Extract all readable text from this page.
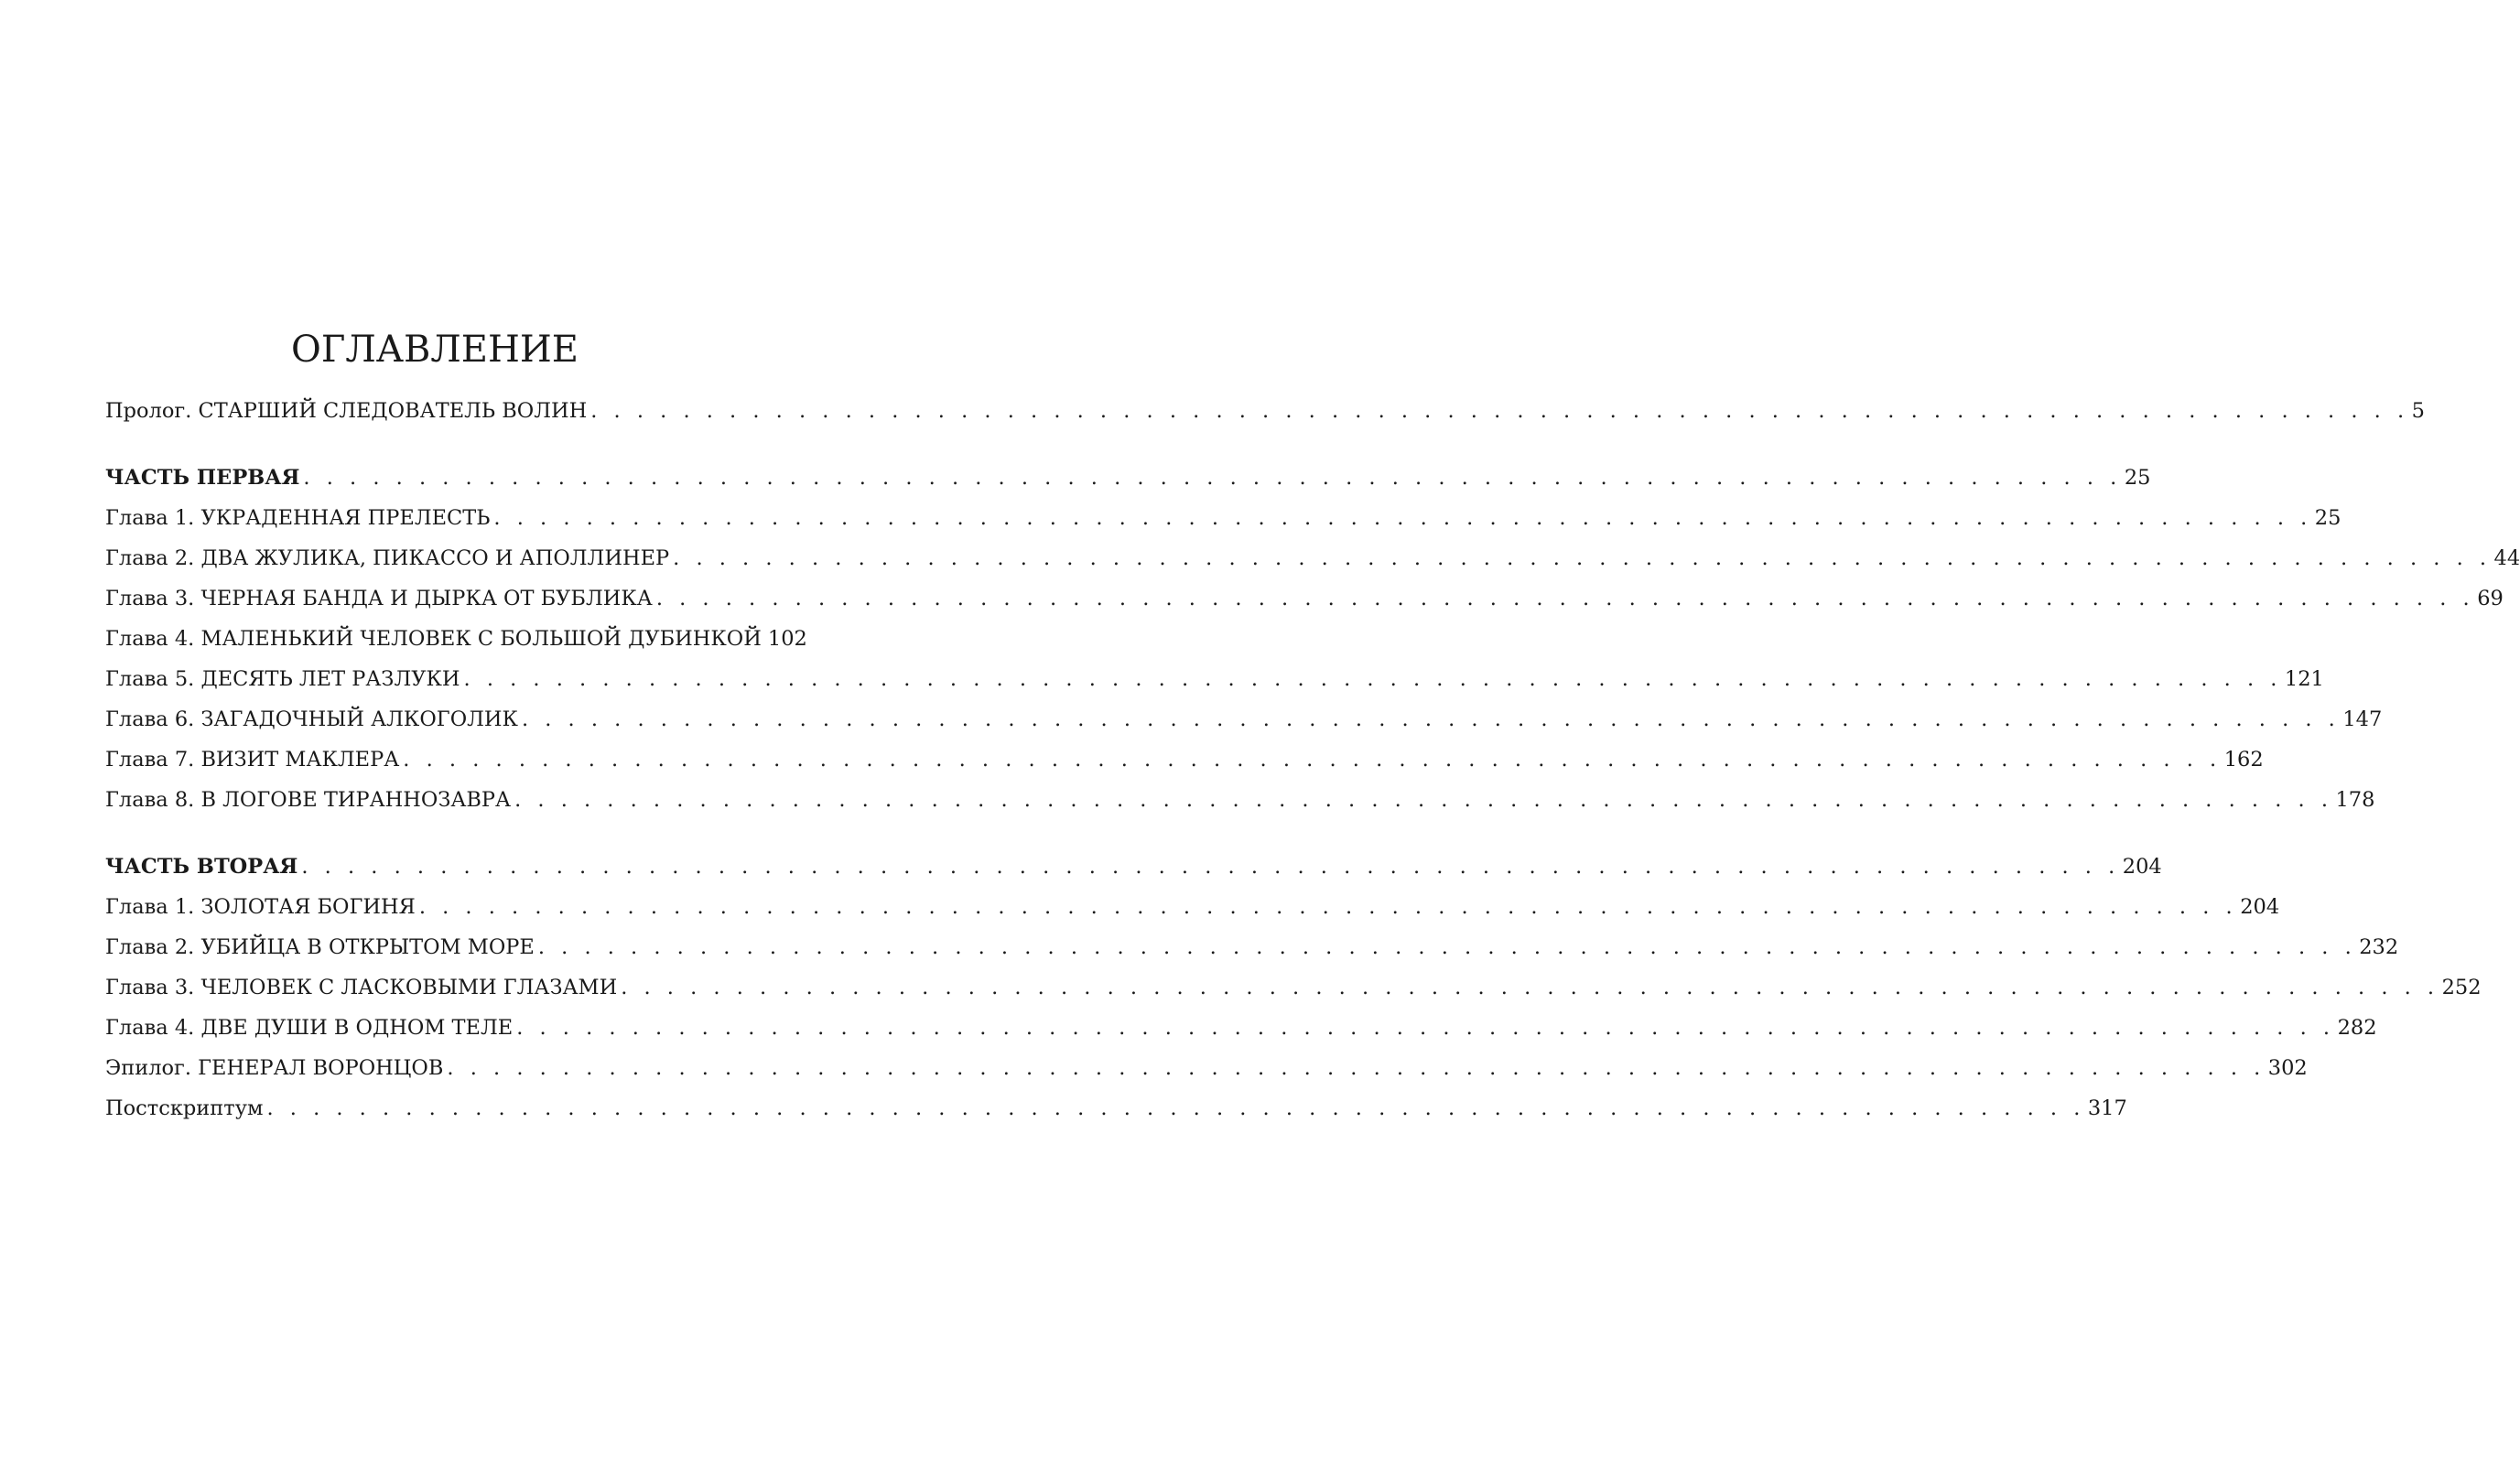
ОГЛАВЛЕНИЕ
Пролог. СТАРШИЙ СЛЕДОВАТЕЛЬ ВОЛИН . . . . . . . . . . . . . . . . . . . . . . . . . . . . . . . . . . . . . . . . . . . . . . . . . . . . . . . . . . . . . . . . . . . . . . . . . . . . . . . 5
ЧАСТЬ ПЕРВАЯ . . . . . . . . . . . . . . . . . . . . . . . . . . . . . . . . . . . . . . . . . . . . . . . . . . . . . . . . . . . . . . . . . . . . . . . . . . . . . . . 25
Глава 1. УКРАДЕННАЯ ПРЕЛЕСТЬ . . . . . . . . . . . . . . . . . . . . . . . . . . . . . . . . . . . . . . . . . . . . . . . . . . . . . . . . . . . . . . . . . . . . . . . . . . . . . . . 25
Глава 2. ДВА ЖУЛИКА, ПИКАССО И АПОЛЛИНЕР . . . . . . . . . . . . . . . . . . . . . . . . . . . . . . . . . . . . . . . . . . . . . . . . . . . . . . . . . . . . . . . . . . . . . . . . . . . . . . . 44
Глава 3. ЧЕРНАЯ БАНДА И ДЫРКА ОТ БУБЛИКА . . . . . . . . . . . . . . . . . . . . . . . . . . . . . . . . . . . . . . . . . . . . . . . . . . . . . . . . . . . . . . . . . . . . . . . . . . . . . . . 69
Глава 4. МАЛЕНЬКИЙ ЧЕЛОВЕК С БОЛЬШОЙ ДУБИНКОЙ 102
Глава 5. ДЕСЯТЬ ЛЕТ РАЗЛУКИ . . . . . . . . . . . . . . . . . . . . . . . . . . . . . . . . . . . . . . . . . . . . . . . . . . . . . . . . . . . . . . . . . . . . . . . . . . . . . . . 121
Глава 6. ЗАГАДОЧНЫЙ АЛКОГОЛИК . . . . . . . . . . . . . . . . . . . . . . . . . . . . . . . . . . . . . . . . . . . . . . . . . . . . . . . . . . . . . . . . . . . . . . . . . . . . . . . 147
Глава 7. ВИЗИТ МАКЛЕРА . . . . . . . . . . . . . . . . . . . . . . . . . . . . . . . . . . . . . . . . . . . . . . . . . . . . . . . . . . . . . . . . . . . . . . . . . . . . . . . 162
Глава 8. В ЛОГОВЕ ТИРАННОЗАВРА . . . . . . . . . . . . . . . . . . . . . . . . . . . . . . . . . . . . . . . . . . . . . . . . . . . . . . . . . . . . . . . . . . . . . . . . . . . . . . . 178
ЧАСТЬ ВТОРАЯ . . . . . . . . . . . . . . . . . . . . . . . . . . . . . . . . . . . . . . . . . . . . . . . . . . . . . . . . . . . . . . . . . . . . . . . . . . . . . . . 204
Глава 1. ЗОЛОТАЯ БОГИНЯ . . . . . . . . . . . . . . . . . . . . . . . . . . . . . . . . . . . . . . . . . . . . . . . . . . . . . . . . . . . . . . . . . . . . . . . . . . . . . . . 204
Глава 2. УБИЙЦА В ОТКРЫТОМ МОРЕ . . . . . . . . . . . . . . . . . . . . . . . . . . . . . . . . . . . . . . . . . . . . . . . . . . . . . . . . . . . . . . . . . . . . . . . . . . . . . . . 232
Глава 3. ЧЕЛОВЕК С ЛАСКОВЫМИ ГЛАЗАМИ . . . . . . . . . . . . . . . . . . . . . . . . . . . . . . . . . . . . . . . . . . . . . . . . . . . . . . . . . . . . . . . . . . . . . . . . . . . . . . . 252
Глава 4. ДВЕ ДУШИ В ОДНОМ ТЕЛЕ . . . . . . . . . . . . . . . . . . . . . . . . . . . . . . . . . . . . . . . . . . . . . . . . . . . . . . . . . . . . . . . . . . . . . . . . . . . . . . . 282
Эпилог. ГЕНЕРАЛ ВОРОНЦОВ . . . . . . . . . . . . . . . . . . . . . . . . . . . . . . . . . . . . . . . . . . . . . . . . . . . . . . . . . . . . . . . . . . . . . . . . . . . . . . . 302
Постскриптум . . . . . . . . . . . . . . . . . . . . . . . . . . . . . . . . . . . . . . . . . . . . . . . . . . . . . . . . . . . . . . . . . . . . . . . . . . . . . . . 317
